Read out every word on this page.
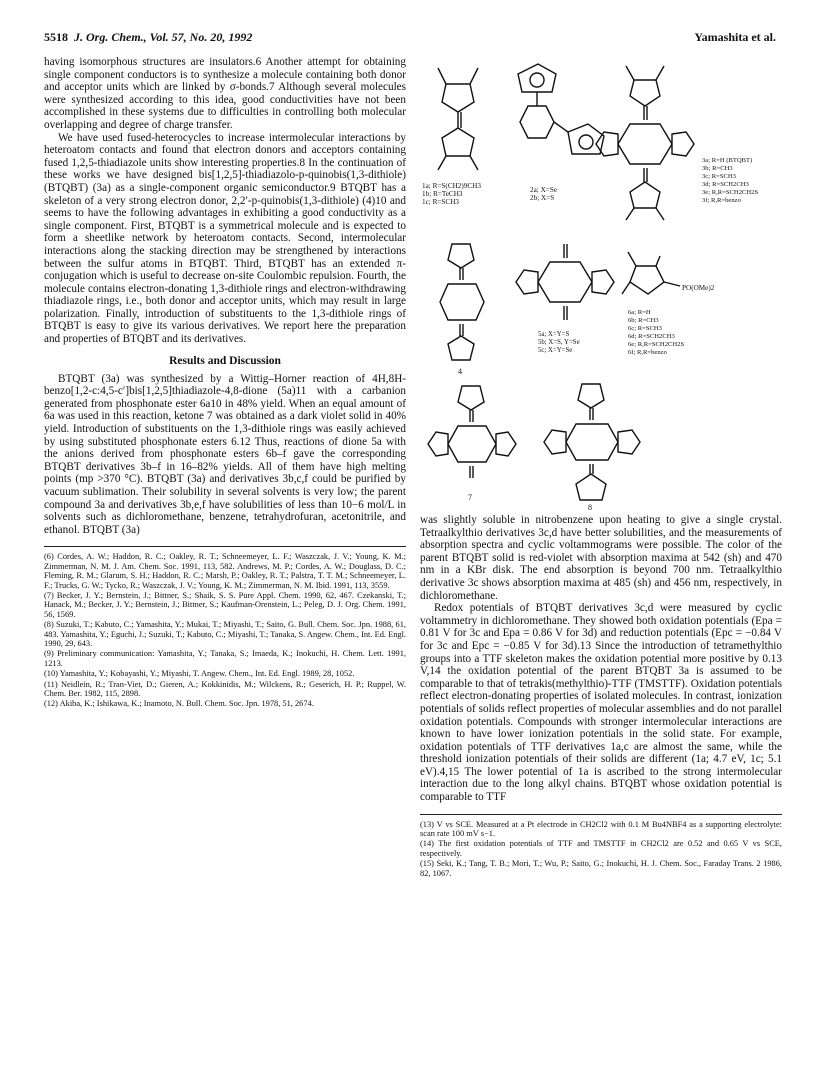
5518 J. Org. Chem., Vol. 57, No. 20, 1992	Yamashita et al.

having isomorphous structures are insulators.6 Another attempt for obtaining single component conductors is to synthesize a molecule containing both donor and acceptor units which are linked by σ-bonds.7 Although several molecules were synthesized according to this idea, good conductivities have not been accomplished in these systems due to difficulties in controlling both molecular overlapping and degree of charge transfer.

We have used fused-heterocycles to increase intermolecular interactions by heteroatom contacts and found that electron donors and acceptors containing fused 1,2,5-thiadiazole units show interesting properties.8 In the continuation of these works we have designed bis[1,2,5]-thiadiazolo-p-quinobis(1,3-dithiole) (BTQBT) (3a) as a single-component organic semiconductor.9 BTQBT has a skeleton of a very strong electron donor, 2,2′-p-quinobis(1,3-dithiole) (4)10 and seems to have the following advantages in exhibiting a good conductivity as a single component. First, BTQBT is a symmetrical molecule and is expected to form a sheetlike network by heteroatom contacts. Second, intermolecular interactions along the stacking direction may be strengthened by interactions between the sulfur atoms in BTQBT. Third, BTQBT has an extended π-conjugation which is useful to decrease on-site Coulombic repulsion. Fourth, the molecule contains electron-donating 1,3-dithiole rings and electron-withdrawing thiadiazole rings, i.e., both donor and acceptor units, which may result in large polarization. Finally, introduction of substituents to the 1,3-dithiole rings of BTQBT is easy to give its various derivatives. We report here the preparation and properties of BTQBT and its derivatives.

Results and Discussion

BTQBT (3a) was synthesized by a Wittig–Horner reaction of 4H,8H-benzo[1,2-c:4,5-c′]bis[1,2,5]thiadiazole-4,8-dione (5a)11 with a carbanion generated from phosphonate ester 6a10 in 48% yield. When an equal amount of 6a was used in this reaction, ketone 7 was obtained as a dark violet solid in 40% yield. Introduction of substituents on the 1,3-dithiole rings was easily achieved by using substituted phosphonate esters 6.12 Thus, reactions of dione 5a with the anions derived from phosphonate esters 6b–f gave the corresponding BTQBT derivatives 3b–f in 16–82% yields. All of them have high melting points (mp >370 °C). BTQBT (3a) and derivatives 3b,c,f could be purified by vacuum sublimation. Their solubility in several solvents is very low; the parent compound 3a and derivatives 3b,e,f have solubilities of less than 10−6 mol/L in solvents such as dichloromethane, benzene, tetrahydrofuran, acetonitrile, and ethanol. BTQBT (3a)

(6) Cordes, A. W.; Haddon, R. C.; Oakley, R. T.; Schneemeyer, L. F.; Waszczak, J. V.; Young, K. M.; Zimmerman, N. M. J. Am. Chem. Soc. 1991, 113, 582. Andrews, M. P.; Cordes, A. W.; Douglass, D. C.; Fleming, R. M.; Glarum, S. H.; Haddon, R. C.; Marsh, P.; Oakley, R. T.; Palstra, T. T. M.; Schneemeyer, L. F.; Trucks, G. W.; Tycko, R.; Waszczak, J. V.; Young, K. M.; Zimmerman, N. M. Ibid. 1991, 113, 3559.

(7) Becker, J. Y.; Bernstein, J.; Bittner, S.; Shaik, S. S. Pure Appl. Chem. 1990, 62, 467. Czekanski, T.; Hanack, M.; Becker, J. Y.; Bernstein, J.; Bittner, S.; Kaufman-Orenstein, L.; Peleg, D. J. Org. Chem. 1991, 56, 1569.

(8) Suzuki, T.; Kabuto, C.; Yamashita, Y.; Mukai, T.; Miyashi, T.; Saito, G. Bull. Chem. Soc. Jpn. 1988, 61, 483. Yamashita, Y.; Eguchi, J.; Suzuki, T.; Kabuto, C.; Miyashi, T.; Tanaka, S. Angew. Chem., Int. Ed. Engl. 1990, 29, 643.

(9) Preliminary communication: Yamashita, Y.; Tanaka, S.; Imaeda, K.; Inokuchi, H. Chem. Lett. 1991, 1213.

(10) Yamashita, Y.; Kobayashi, Y.; Miyashi, T. Angew. Chem., Int. Ed. Engl. 1989, 28, 1052.

(11) Neidlein, R.; Tran-Viet, D.; Gieren, A.; Kokkinidis, M.; Wilckens, R.; Geserich, H. P.; Ruppel, W. Chem. Ber. 1982, 115, 2898.

(12) Akiba, K.; Ishikawa, K.; Inamoto, N. Bull. Chem. Soc. Jpn. 1978, 51, 2674.

1a; R=S(CH2)9CH3
1b; R=TeCH3
1c; R=SCH3
2a; X=Se
2b; X=S
3a; R=H (BTQBT)
3b; R=CH3
3c; R=SCH3
3d; R=SCH2CH3
3e; R,R=SCH2CH2S
3f; R,R=benzo
4
5a; X=Y=S
5b; X=S, Y=Se
5c; X=Y=Se
PO(OMe)2
6a; R=H
6b; R=CH3
6c; R=SCH3
6d; R=SCH2CH3
6e; R,R=SCH2CH2S
6f; R,R=benzo
7
8

was slightly soluble in nitrobenzene upon heating to give a single crystal. Tetraalkylthio derivatives 3c,d have better solubilities, and the measurements of absorption spectra and cyclic voltammograms were possible. The color of the parent BTQBT solid is red-violet with absorption maxima at 542 (sh) and 470 nm in a KBr disk. The end absorption is beyond 700 nm. Tetraalkylthio derivative 3c shows absorption maxima at 485 (sh) and 456 nm, respectively, in dichloromethane.

Redox potentials of BTQBT derivatives 3c,d were measured by cyclic voltammetry in dichloromethane. They showed both oxidation potentials (Epa = 0.81 V for 3c and Epa = 0.86 V for 3d) and reduction potentials (Epc = −0.84 V for 3c and Epc = −0.85 V for 3d).13 Since the introduction of tetramethylthio groups into a TTF skeleton makes the oxidation potential more positive by 0.13 V,14 the oxidation potential of the parent BTQBT 3a is assumed to be comparable to that of tetrakis(methylthio)-TTF (TMSTTF). Oxidation potentials reflect electron-donating properties of isolated molecules. In contrast, ionization potentials of solids reflect properties of molecular assemblies and do not parallel oxidation potentials. Compounds with stronger intermolecular interactions are known to have lower ionization potentials in the solid state. For example, oxidation potentials of TTF derivatives 1a,c are almost the same, while the threshold ionization potentials of their solids are different (1a; 4.7 eV, 1c; 5.1 eV).4,15 The lower potential of 1a is ascribed to the strong intermolecular interaction due to the long alkyl chains. BTQBT whose oxidation potential is comparable to TTF

(13) V vs SCE. Measured at a Pt electrode in CH2Cl2 with 0.1 M Bu4NBF4 as a supporting electrolyte: scan rate 100 mV s−1.

(14) The first oxidation potentials of TTF and TMSTTF in CH2Cl2 are 0.52 and 0.65 V vs SCE, respectively.

(15) Seki, K.; Tang, T. B.; Mori, T.; Wu, P.; Saito, G.; Inokuchi, H. J. Chem. Soc., Faraday Trans. 2 1986, 82, 1067.
